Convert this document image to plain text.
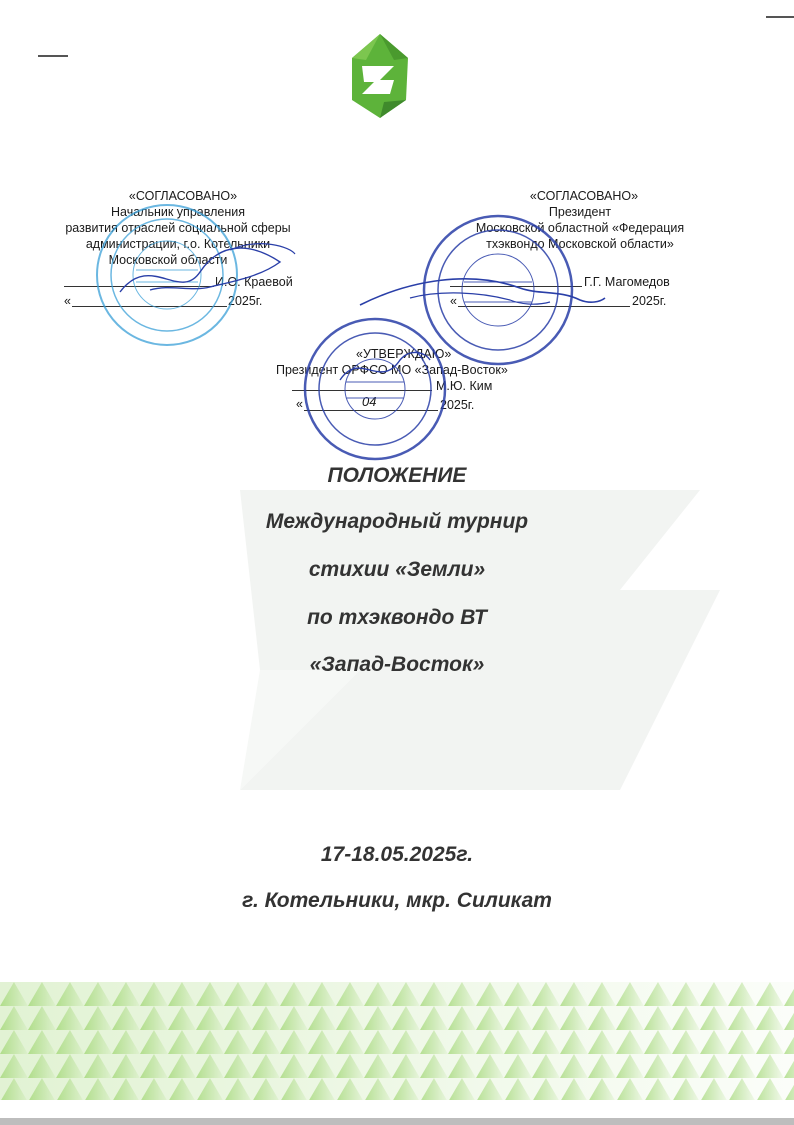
«СОГЛАСОВАНО»
Начальник управления
развития отраслей социальной сферы
администрации, г.о. Котельники
Московской области
И.О. Краевой
«	2025г.
«СОГЛАСОВАНО»
Президент
Московской областной «Федерация
тхэквондо Московской области»
Г.Г. Магомедов
«	2025г.
«УТВЕРЖДАЮ»
Президент ОРФСО МО «Запад-Восток»
М.Ю. Ким
«	04	2025г.
ПОЛОЖЕНИЕ
Международный турнир
стихии «Земли»
по тхэквондо ВТ
«Запад-Восток»
17-18.05.2025г.
г. Котельники, мкр. Силикат
